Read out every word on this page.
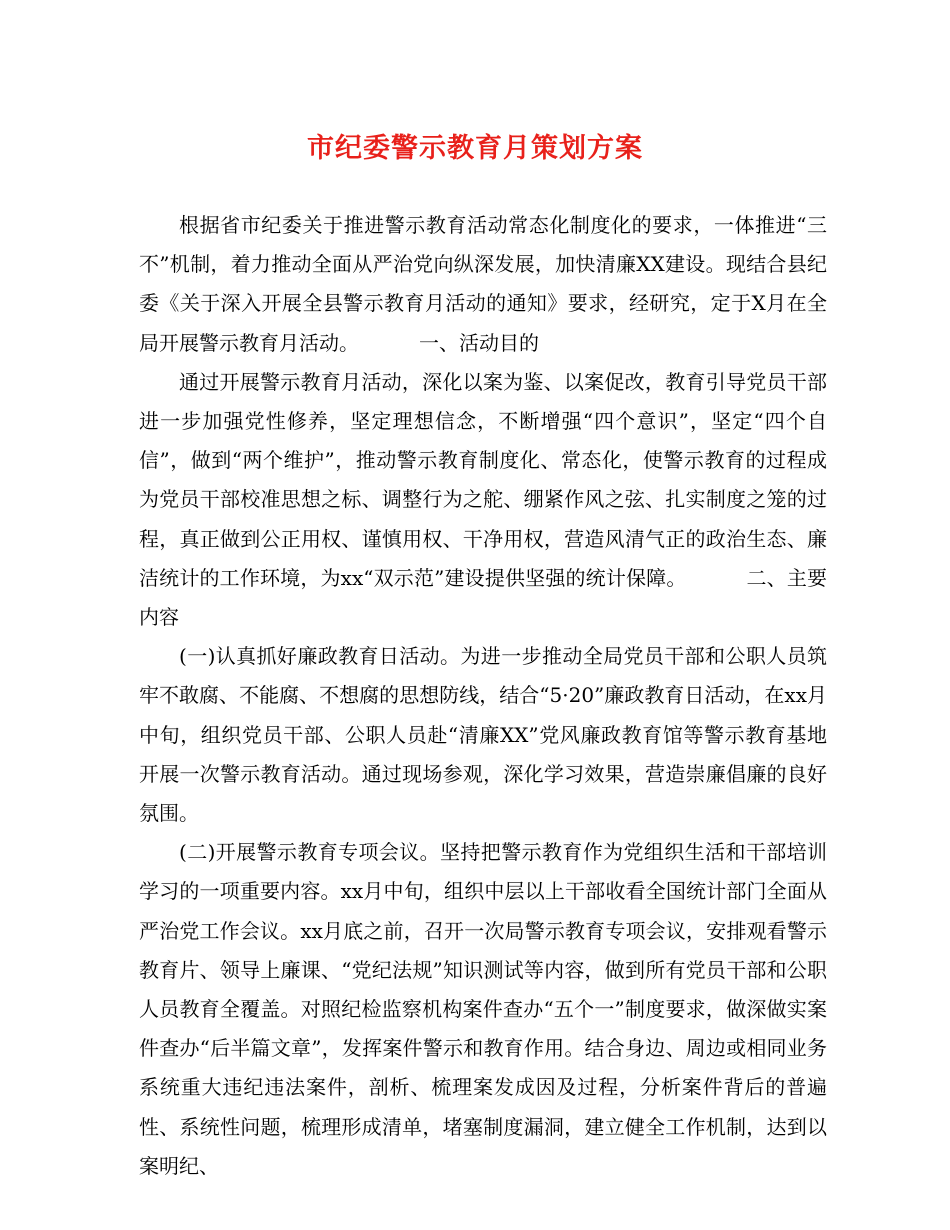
市纪委警示教育月策划方案

根据省市纪委关于推进警示教育活动常态化制度化的要求，一体推进“三不”机制，着力推动全面从严治党向纵深发展，加快清廉XX建设。现结合县纪委《关于深入开展全县警示教育月活动的通知》要求，经研究，定于X月在全局开展警示教育月活动。	一、活动目的

通过开展警示教育月活动，深化以案为鉴、以案促改，教育引导党员干部进一步加强党性修养，坚定理想信念，不断增强“四个意识”，坚定“四个自信”，做到“两个维护”，推动警示教育制度化、常态化，使警示教育的过程成为党员干部校准思想之标、调整行为之舵、绷紧作风之弦、扎实制度之笼的过程，真正做到公正用权、谨慎用权、干净用权，营造风清气正的政治生态、廉洁统计的工作环境，为xx“双示范”建设提供坚强的统计保障。	二、主要内容

(一)认真抓好廉政教育日活动。为进一步推动全局党员干部和公职人员筑牢不敢腐、不能腐、不想腐的思想防线，结合“5·20”廉政教育日活动，在xx月中旬，组织党员干部、公职人员赴“清廉XX”党风廉政教育馆等警示教育基地开展一次警示教育活动。通过现场参观，深化学习效果，营造崇廉倡廉的良好氛围。

(二)开展警示教育专项会议。坚持把警示教育作为党组织生活和干部培训学习的一项重要内容。xx月中旬，组织中层以上干部收看全国统计部门全面从严治党工作会议。xx月底之前，召开一次局警示教育专项会议，安排观看警示教育片、领导上廉课、“党纪法规”知识测试等内容，做到所有党员干部和公职人员教育全覆盖。对照纪检监察机构案件查办“五个一”制度要求，做深做实案件查办“后半篇文章”，发挥案件警示和教育作用。结合身边、周边或相同业务系统重大违纪违法案件，剖析、梳理案发成因及过程，分析案件背后的普遍性、系统性问题，梳理形成清单，堵塞制度漏洞，建立健全工作机制，达到以案明纪、
